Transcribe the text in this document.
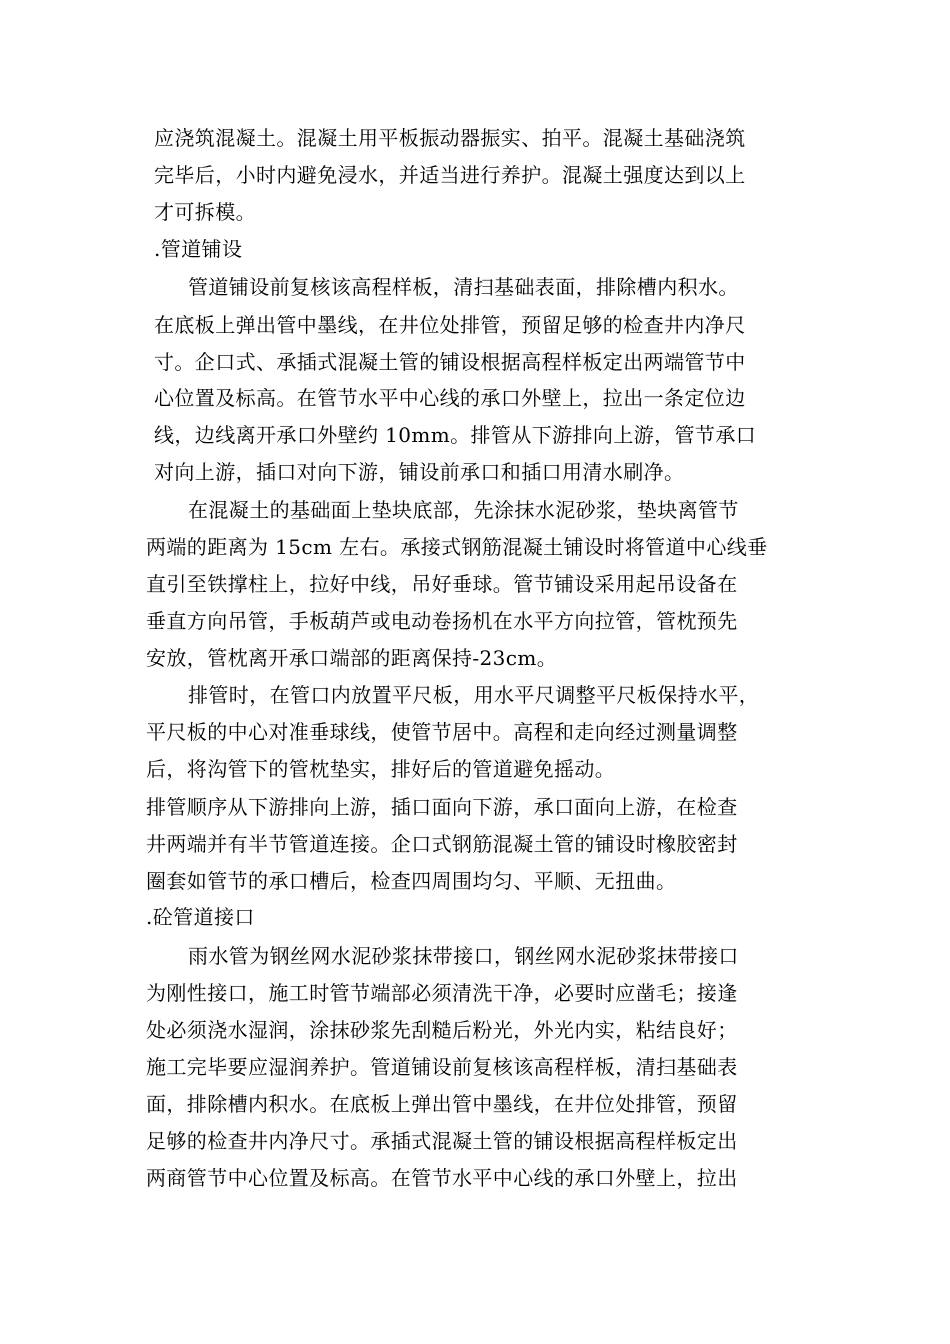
应浇筑混凝土。混凝土用平板振动器振实、拍平。混凝土基础浇筑
完毕后，小时内避免浸水，并适当进行养护。混凝土强度达到以上
才可拆模。
.管道铺设
管道铺设前复核该高程样板，清扫基础表面，排除槽内积水。
在底板上弹出管中墨线，在井位处排管，预留足够的检查井内净尺
寸。企口式、承插式混凝土管的铺设根据高程样板定出两端管节中
心位置及标高。在管节水平中心线的承口外壁上，拉出一条定位边
线，边线离开承口外壁约 10mm。排管从下游排向上游，管节承口
对向上游，插口对向下游，铺设前承口和插口用清水刷净。
在混凝土的基础面上垫块底部，先涂抹水泥砂浆，垫块离管节
两端的距离为 15cm 左右。承接式钢筋混凝土铺设时将管道中心线垂
直引至铁撑柱上，拉好中线，吊好垂球。管节铺设采用起吊设备在
垂直方向吊管，手板葫芦或电动卷扬机在水平方向拉管，管枕预先
安放，管枕离开承口端部的距离保持-23cm。
排管时，在管口内放置平尺板，用水平尺调整平尺板保持水平，
平尺板的中心对准垂球线，使管节居中。高程和走向经过测量调整
后，将沟管下的管枕垫实，排好后的管道避免摇动。
排管顺序从下游排向上游，插口面向下游，承口面向上游，在检查
井两端并有半节管道连接。企口式钢筋混凝土管的铺设时橡胶密封
圈套如管节的承口槽后，检查四周围均匀、平顺、无扭曲。
.砼管道接口
雨水管为钢丝网水泥砂浆抹带接口，钢丝网水泥砂浆抹带接口
为刚性接口，施工时管节端部必须清洗干净，必要时应凿毛；接逢
处必须浇水湿润，涂抹砂浆先刮糙后粉光，外光内实，粘结良好；
施工完毕要应湿润养护。管道铺设前复核该高程样板，清扫基础表
面，排除槽内积水。在底板上弹出管中墨线，在井位处排管，预留
足够的检查井内净尺寸。承插式混凝土管的铺设根据高程样板定出
两商管节中心位置及标高。在管节水平中心线的承口外壁上，拉出
